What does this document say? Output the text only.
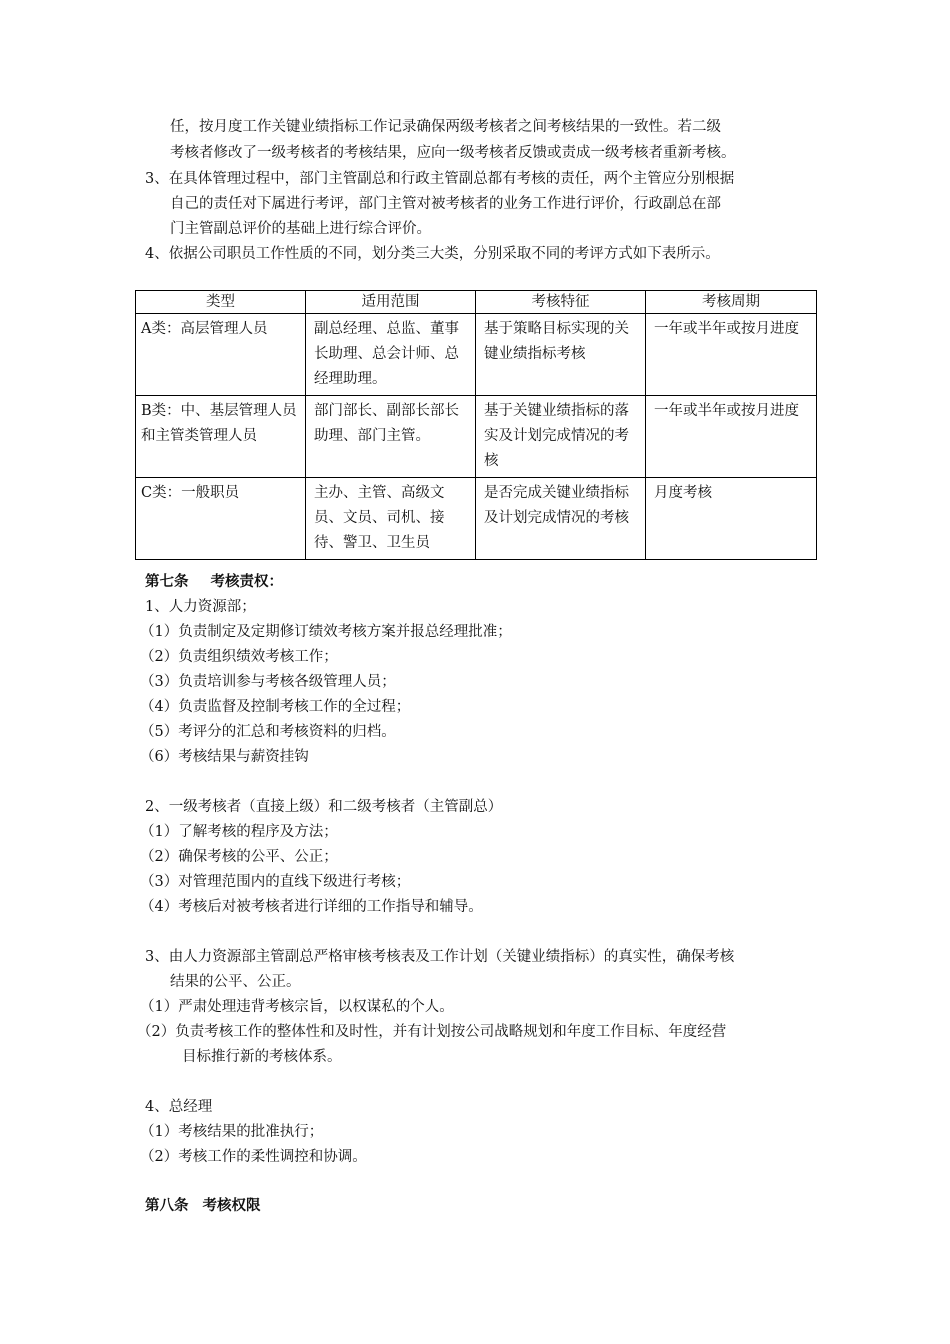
任，按月度工作关键业绩指标工作记录确保两级考核者之间考核结果的一致性。若二级
考核者修改了一级考核者的考核结果，应向一级考核者反馈或责成一级考核者重新考核。
3、在具体管理过程中，部门主管副总和行政主管副总都有考核的责任，两个主管应分别根据
自己的责任对下属进行考评，部门主管对被考核者的业务工作进行评价，行政副总在部
门主管副总评价的基础上进行综合评价。
4、依据公司职员工作性质的不同，划分类三大类，分别采取不同的考评方式如下表所示。
类型	适用范围	考核特征	考核周期
A类：高层管理人员	副总经理、总监、董事长助理、总会计师、总经理助理。	基于策略目标实现的关键业绩指标考核	一年或半年或按月进度
B类：中、基层管理人员和主管类管理人员	部门部长、副部长部长助理、部门主管。	基于关键业绩指标的落实及计划完成情况的考核	一年或半年或按月进度
C类：一般职员	主办、主管、高级文员、文员、司机、接待、警卫、卫生员	是否完成关键业绩指标及计划完成情况的考核	月度考核
第七条 考核责权：
1、人力资源部；
（1）负责制定及定期修订绩效考核方案并报总经理批准；
（2）负责组织绩效考核工作；
（3）负责培训参与考核各级管理人员；
（4）负责监督及控制考核工作的全过程；
（5）考评分的汇总和考核资料的归档。
（6）考核结果与薪资挂钩
2、一级考核者（直接上级）和二级考核者（主管副总）
（1）了解考核的程序及方法；
（2）确保考核的公平、公正；
（3）对管理范围内的直线下级进行考核；
（4）考核后对被考核者进行详细的工作指导和辅导。
3、由人力资源部主管副总严格审核考核表及工作计划（关键业绩指标）的真实性，确保考核
结果的公平、公正。
（1）严肃处理违背考核宗旨，以权谋私的个人。
（2）负责考核工作的整体性和及时性，并有计划按公司战略规划和年度工作目标、年度经营
目标推行新的考核体系。
4、总经理
（1）考核结果的批准执行；
（2）考核工作的柔性调控和协调。
第八条 考核权限
